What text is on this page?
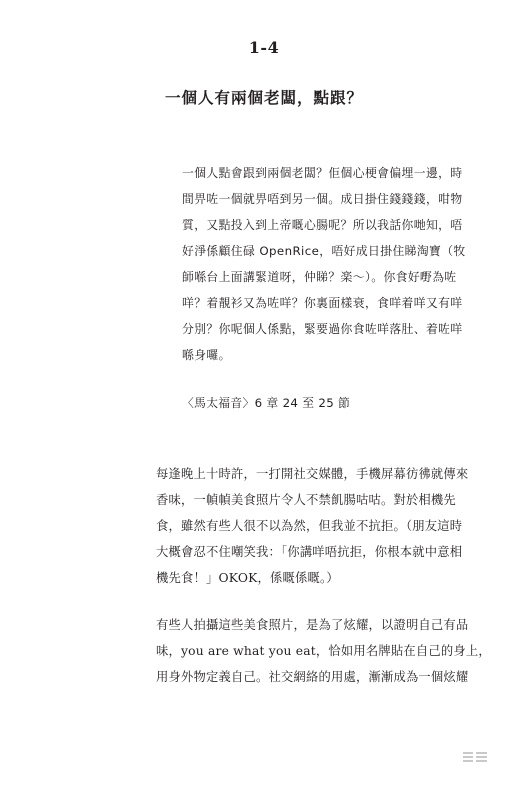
1-4
一個人有兩個老闆，點跟？
一個人點會跟到兩個老闆？佢個心梗會偏埋一邊，時
間畀咗一個就畀唔到另一個。成日掛住錢錢錢，咁物
質，又點投入到上帝嘅心腸呢？所以我話你哋知，唔
好淨係顧住碌 OpenRice，唔好成日掛住睇淘寶（牧
師喺台上面講緊道呀，仲睇？楽～）。你食好嘢為咗
咩？着靚衫又為咗咩？你裏面樣衰，食咩着咩又有咩
分別？你呢個人係點，緊要過你食咗咩落肚、着咗咩
喺身囉。
〈馬太福音〉6 章 24 至 25 節
每逢晚上十時許，一打開社交媒體，手機屏幕彷彿就傳來
香味，一幀幀美食照片令人不禁飢腸咕咕。對於相機先
食，雖然有些人很不以為然，但我並不抗拒。（朋友這時
大概會忍不住嘲笑我：「你講咩唔抗拒，你根本就中意相
機先食！」OKOK，係嘅係嘅。）
有些人拍攝這些美食照片，是為了炫耀，以證明自己有品
味，you are what you eat，恰如用名牌貼在自己的身上，
用身外物定義自己。社交網絡的用處，漸漸成為一個炫耀
